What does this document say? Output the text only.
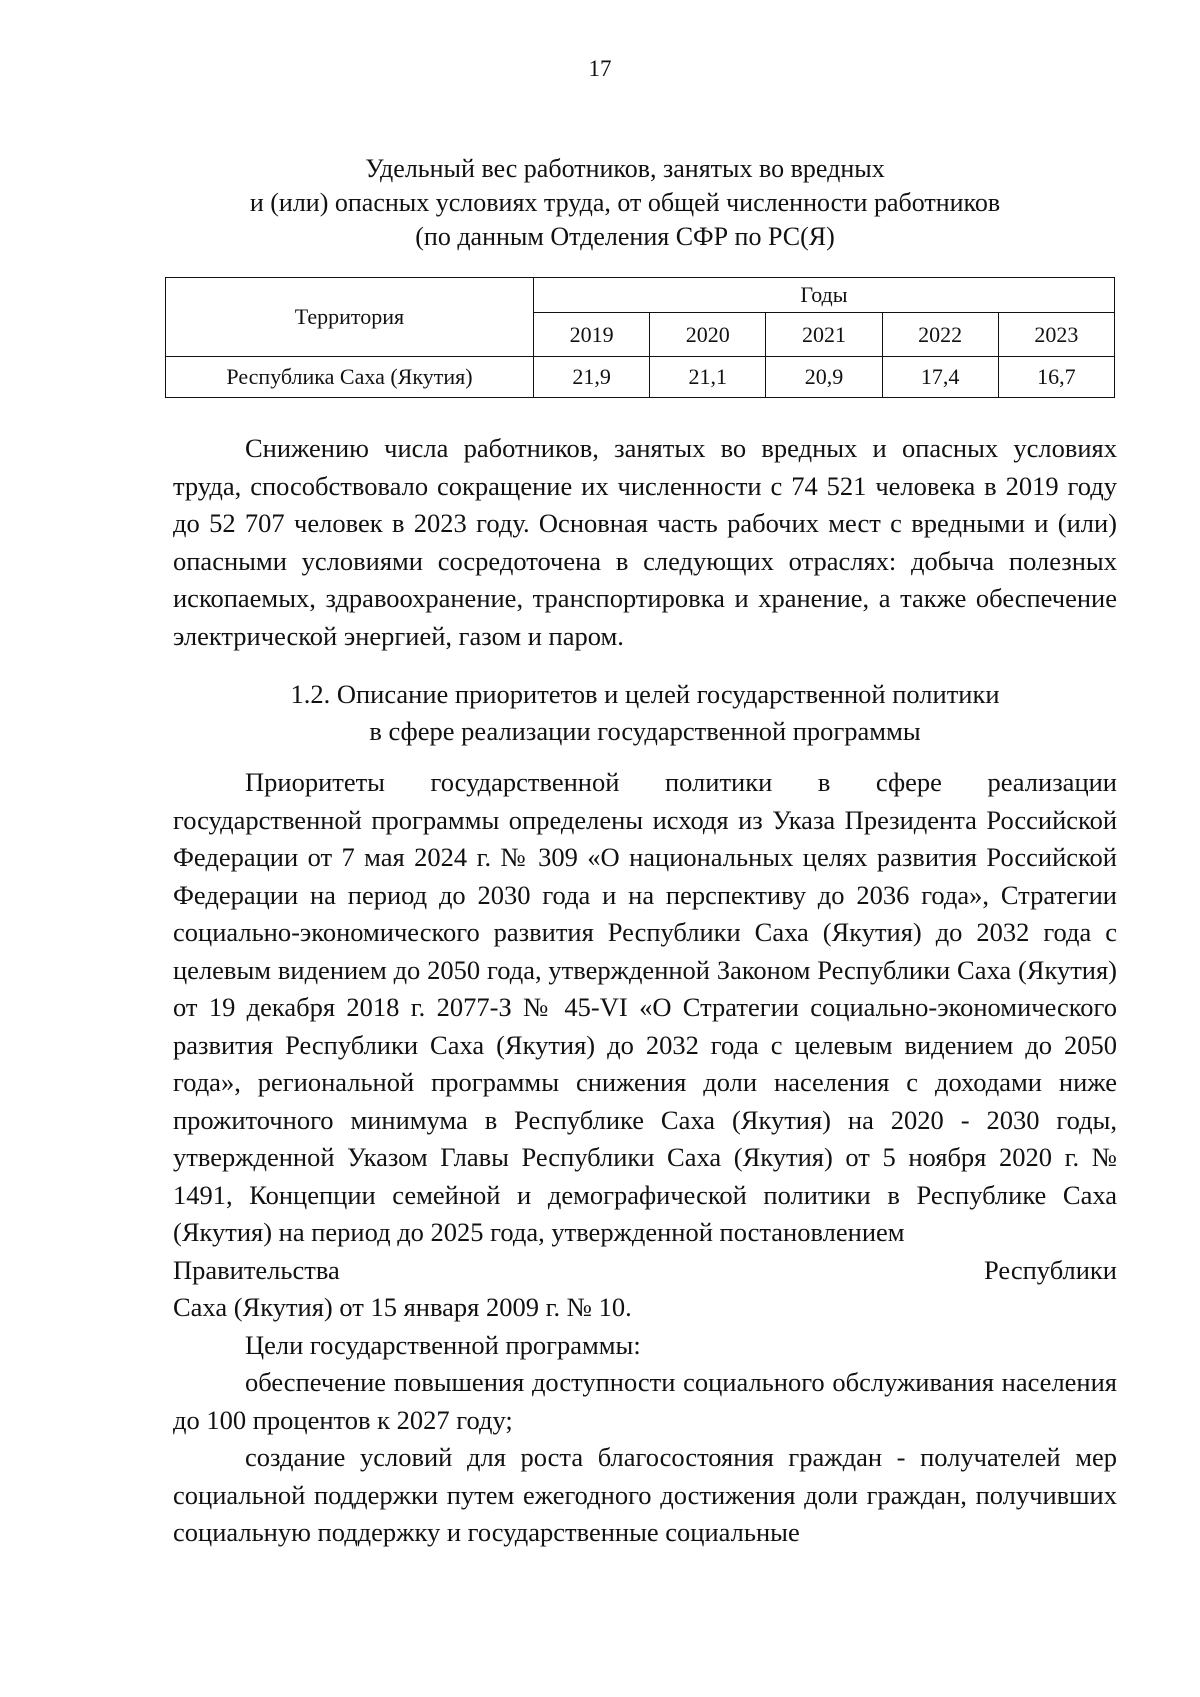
17
Удельный вес работников, занятых во вредных
и (или) опасных условиях труда, от общей численности работников
(по данным Отделения СФР по РС(Я)
Территория	Годы				
	2019	2020	2021	2022	2023
Республика Саха (Якутия)	21,9	21,1	20,9	17,4	16,7

Снижению числа работников, занятых во вредных и опасных условиях труда, способствовало сокращение их численности с 74 521 человека в 2019 году до 52 707 человек в 2023 году. Основная часть рабочих мест с вредными и (или) опасными условиями сосредоточена в следующих отраслях: добыча полезных ископаемых, здравоохранение, транспортировка и хранение, а также обеспечение электрической энергией, газом и паром.

1.2. Описание приоритетов и целей государственной политики
в сфере реализации государственной программы

Приоритеты государственной политики в сфере реализации государственной программы определены исходя из Указа Президента Российской Федерации от 7 мая 2024 г. № 309 «О национальных целях развития Российской Федерации на период до 2030 года и на перспективу до 2036 года», Стратегии социально-экономического развития Республики Саха (Якутия) до 2032 года с целевым видением до 2050 года, утвержденной Законом Республики Саха (Якутия) от 19 декабря 2018 г. 2077-З № 45-VI «О Стратегии социально-экономического развития Республики Саха (Якутия) до 2032 года с целевым видением до 2050 года», региональной программы снижения доли населения с доходами ниже прожиточного минимума в Республике Саха (Якутия) на 2020 - 2030 годы, утвержденной Указом Главы Республики Саха (Якутия) от 5 ноября 2020 г. № 1491, Концепции семейной и демографической политики в Республике Саха (Якутия) на период до 2025 года, утвержденной постановлением

Правительства	Республики
Саха (Якутия) от 15 января 2009 г. № 10.
Цели государственной программы:

обеспечение повышения доступности социального обслуживания населения до 100 процентов к 2027 году;

создание условий для роста благосостояния граждан - получателей мер социальной поддержки путем ежегодного достижения доли граждан, получивших социальную поддержку и государственные социальные
